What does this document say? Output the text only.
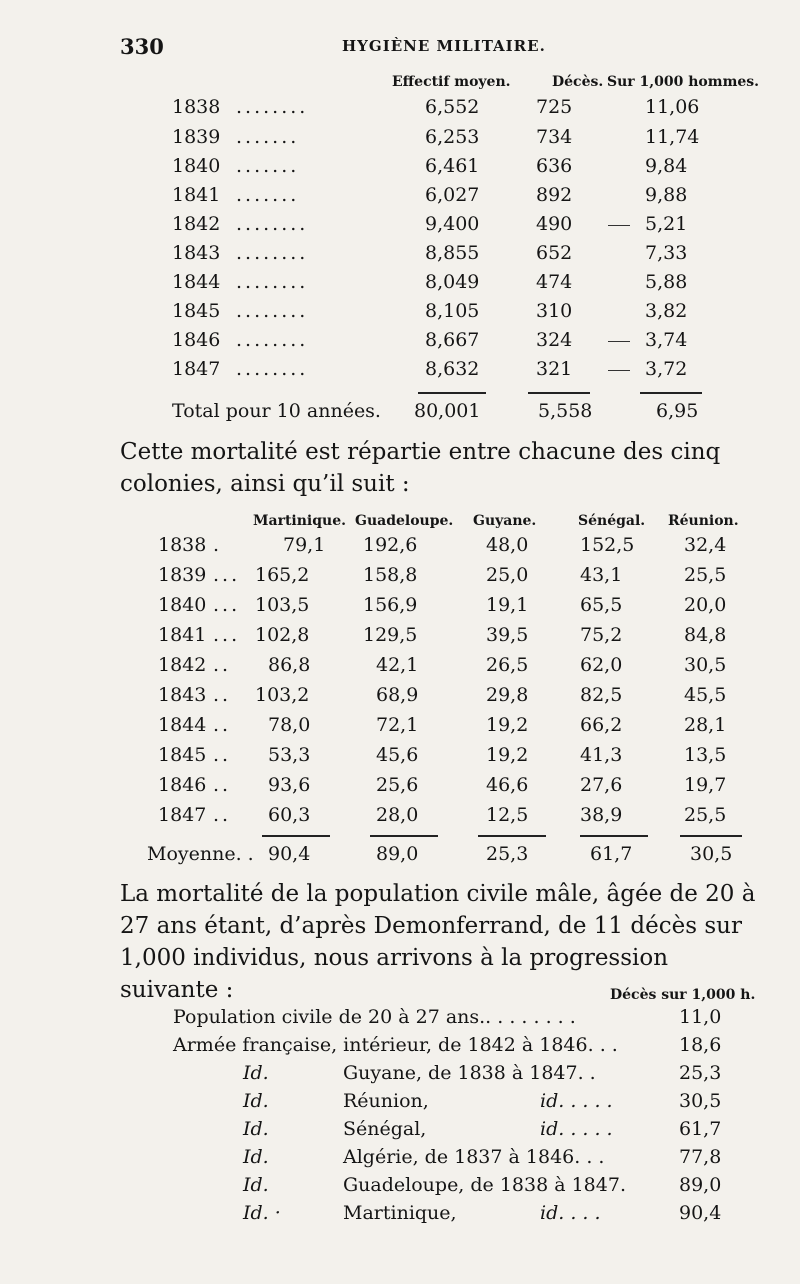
330	HYGIÈNE MILITAIRE.
Effectif moyen.	Décès. Sur 1,000 hommes.
1838 ........	6,552	725	11,06
1839 .......	6,253	734	11,74
1840 .......	6,461	636	9,84
1841 .......	6,027	892	9,88
1842 ........	9,400	490	5,21
1843 ........	8,855	652	7,33
1844 ........	8,049	474	5,88
1845 ........	8,105	310	3,82
1846 ........	8,667	324	3,74
1847 ........	8,632	321	3,72
Total pour 10 années. 80,001	5,558	6,95
Cette mortalité est répartie entre chacune des cinq colonies, ainsi qu’il suit :
Martinique. Guadeloupe. Guyane.	Sénégal. Réunion.
1838 .	79,1 192,6	48,0	152,5	32,4
1839 ... 165,2	158,8	25,0	43,1	25,5
1840 ... 103,5	156,9	19,1	65,5	20,0
1841 ... 102,8	129,5	39,5	75,2	84,8
1842 .. 86,8	42,1	26,5	62,0	30,5
1843 .. 103,2	68,9	29,8	82,5	45,5
1844 .. 78,0	72,1	19,2	66,2	28,1
1845 .. 53,3	45,6	19,2	41,3	13,5
1846 .. 93,6	25,6	46,6	27,6	19,7
1847 .. 60,3	28,0	12,5	38,9	25,5
Moyenne. . 90,4	89,0	25,3	61,7	30,5
La mortalité de la population civile mâle, âgée de 20 à 27 ans étant, d’après Demonferrand, de 11 décès sur 1,000 individus, nous arrivons à la progression suivante :	Décès sur 1,000 h.
Population civile de 20 à 27 ans.. . . . . . . .	11,0
Armée française, intérieur, de 1842 à 1846. . .	18,6
Id.	Guyane, de 1838 à 1847. .	25,3
Id.	Réunion,	id. . . . .	30,5
Id.	Sénégal,	id. . . . .	61,7
Id.	Algérie, de 1837 à 1846. . .	77,8
Id.	Guadeloupe, de 1838 à 1847.	89,0
Id. ·	Martinique,	id. . . .	90,4
